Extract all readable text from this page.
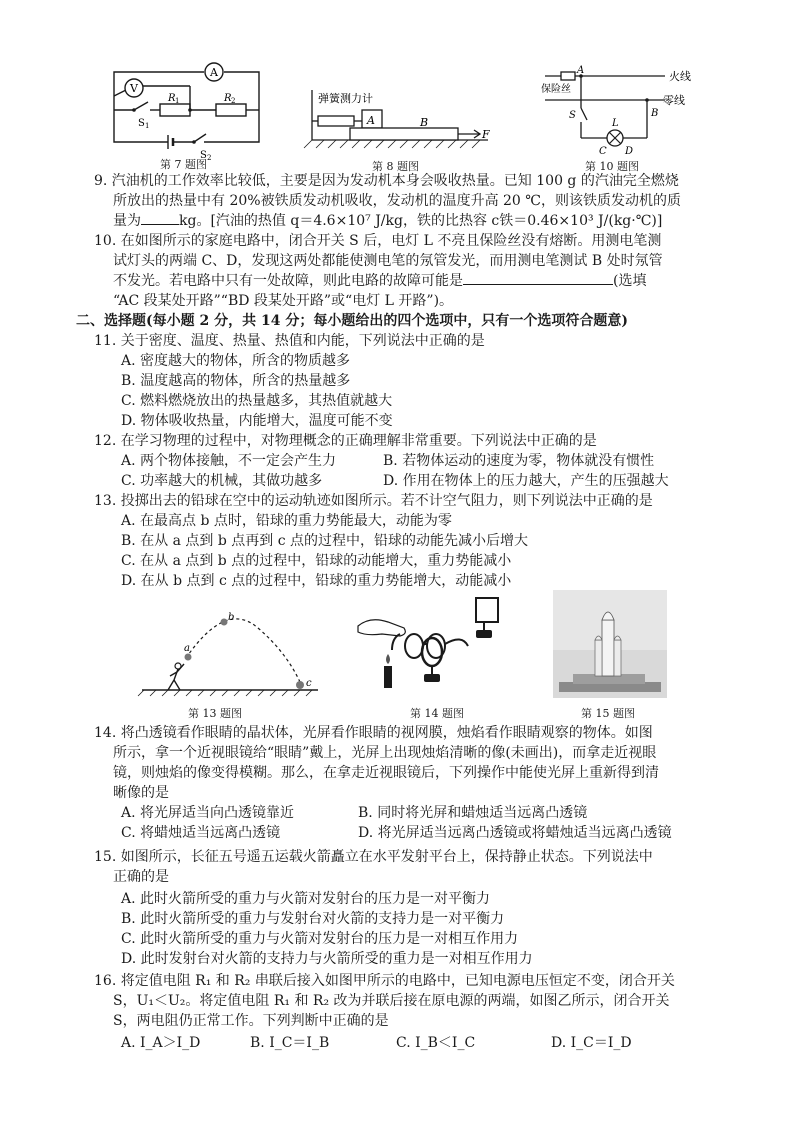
A
V
R 1	R 2
S 1
S 2
第 7 题图
弹簧测力计
A	B
F
第 8 题图
A
保险丝
火线
零线
B
S
L
C D
第 10 题图
9. 汽油机的工作效率比较低，主要是因为发动机本身会吸收热量。已知 100 g 的汽油完全燃烧
所放出的热量中有 20%被铁质发动机吸收，发动机的温度升高 20 ℃，则该铁质发动机的质
量为	kg。[汽油的热值 q＝4.6×10⁷ J/kg，铁的比热容 c铁＝0.46×10³ J/(kg·℃)]
10. 在如图所示的家庭电路中，闭合开关 S 后，电灯 L 不亮且保险丝没有熔断。用测电笔测
试灯头的两端 C、D，发现这两处都能使测电笔的氖管发光，而用测电笔测试 B 处时氖管
不发光。若电路中只有一处故障，则此电路的故障可能是	(选填
“AC 段某处开路”“BD 段某处开路”或“电灯 L 开路”)。
二、选择题(每小题 2 分，共 14 分；每小题给出的四个选项中，只有一个选项符合题意)
11. 关于密度、温度、热量、热值和内能，下列说法中正确的是
A. 密度越大的物体，所含的物质越多
B. 温度越高的物体，所含的热量越多
C. 燃料燃烧放出的热量越多，其热值就越大
D. 物体吸收热量，内能增大，温度可能不变
12. 在学习物理的过程中，对物理概念的正确理解非常重要。下列说法中正确的是
A. 两个物体接触，不一定会产生力	B. 若物体运动的速度为零，物体就没有惯性
C. 功率越大的机械，其做功越多	D. 作用在物体上的压力越大，产生的压强越大
13. 投掷出去的铅球在空中的运动轨迹如图所示。若不计空气阻力，则下列说法中正确的是
A. 在最高点 b 点时，铅球的重力势能最大，动能为零
B. 在从 a 点到 b 点再到 c 点的过程中，铅球的动能先减小后增大
C. 在从 a 点到 b 点的过程中，铅球的动能增大，重力势能减小
D. 在从 b 点到 c 点的过程中，铅球的重力势能增大，动能减小
a
b
c
第 13 题图	第 14 题图	第 15 题图
14. 将凸透镜看作眼睛的晶状体，光屏看作眼睛的视网膜，烛焰看作眼睛观察的物体。如图
所示，拿一个近视眼镜给“眼睛”戴上，光屏上出现烛焰清晰的像(未画出)，而拿走近视眼
镜，则烛焰的像变得模糊。那么，在拿走近视眼镜后，下列操作中能使光屏上重新得到清
晰像的是
A. 将光屏适当向凸透镜靠近	B. 同时将光屏和蜡烛适当远离凸透镜
C. 将蜡烛适当远离凸透镜	D. 将光屏适当远离凸透镜或将蜡烛适当远离凸透镜
15. 如图所示，长征五号遥五运载火箭矗立在水平发射平台上，保持静止状态。下列说法中
正确的是
A. 此时火箭所受的重力与火箭对发射台的压力是一对平衡力
B. 此时火箭所受的重力与发射台对火箭的支持力是一对平衡力
C. 此时火箭所受的重力与火箭对发射台的压力是一对相互作用力
D. 此时发射台对火箭的支持力与火箭所受的重力是一对相互作用力
16. 将定值电阻 R₁ 和 R₂ 串联后接入如图甲所示的电路中，已知电源电压恒定不变，闭合开关
S，U₁＜U₂。将定值电阻 R₁ 和 R₂ 改为并联后接在原电源的两端，如图乙所示，闭合开关
S，两电阻仍正常工作。下列判断中正确的是
A. I_A＞I_D	B. I_C＝I_B	C. I_B＜I_C	D. I_C＝I_D
